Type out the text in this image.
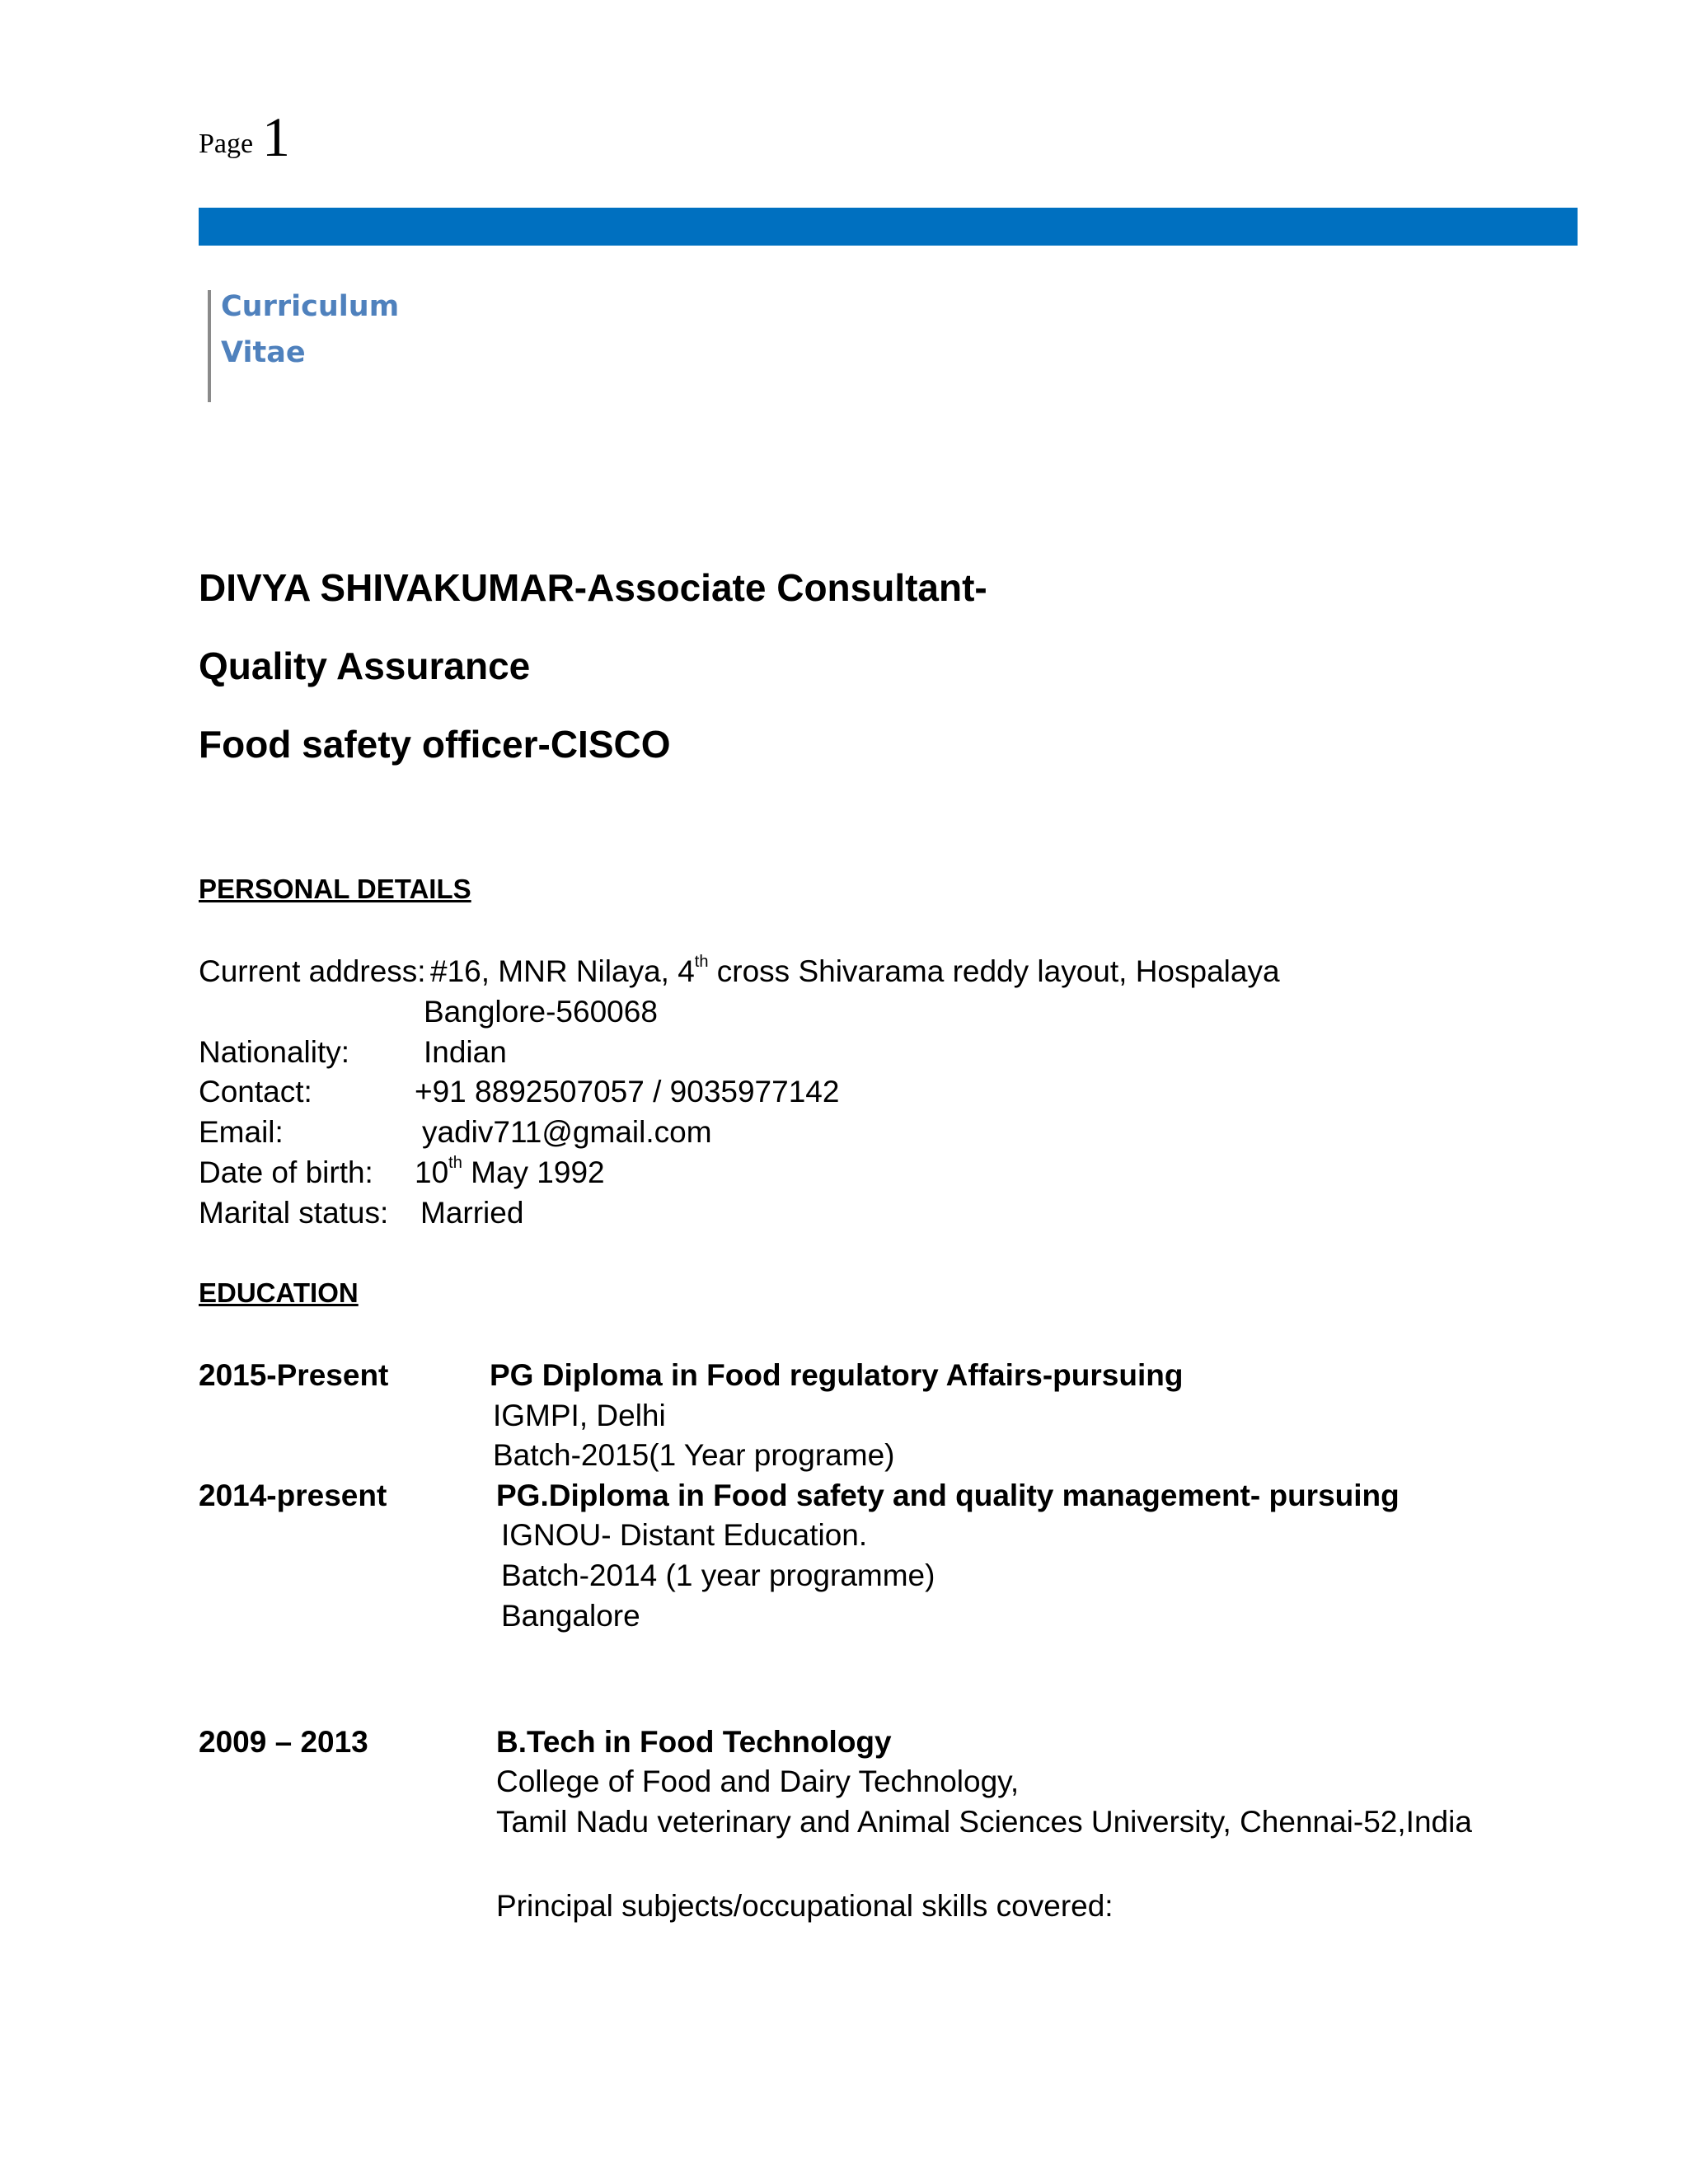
Page 1
Curriculum
Vitae
DIVYA SHIVAKUMAR-Associate Consultant-
Quality Assurance
Food safety officer-CISCO
PERSONAL DETAILS
Current address: #16, MNR Nilaya, 4th cross Shivarama reddy layout, Hospalaya
Banglore-560068
Nationality: Indian
Contact:	+91 8892507057 / 9035977142
Email:	yadiv711@gmail.com
Date of birth: 10th May 1992
Marital status: Married
EDUCATION
2015-Present	PG Diploma in Food regulatory Affairs-pursuing
IGMPI, Delhi
Batch-2015(1 Year programe)
2014-present	PG.Diploma in Food safety and quality management- pursuing
IGNOU- Distant Education.
Batch-2014 (1 year programme)
Bangalore
2009 – 2013	B.Tech in Food Technology
College of Food and Dairy Technology,
Tamil Nadu veterinary and Animal Sciences University, Chennai-52,India
Principal subjects/occupational skills covered:
